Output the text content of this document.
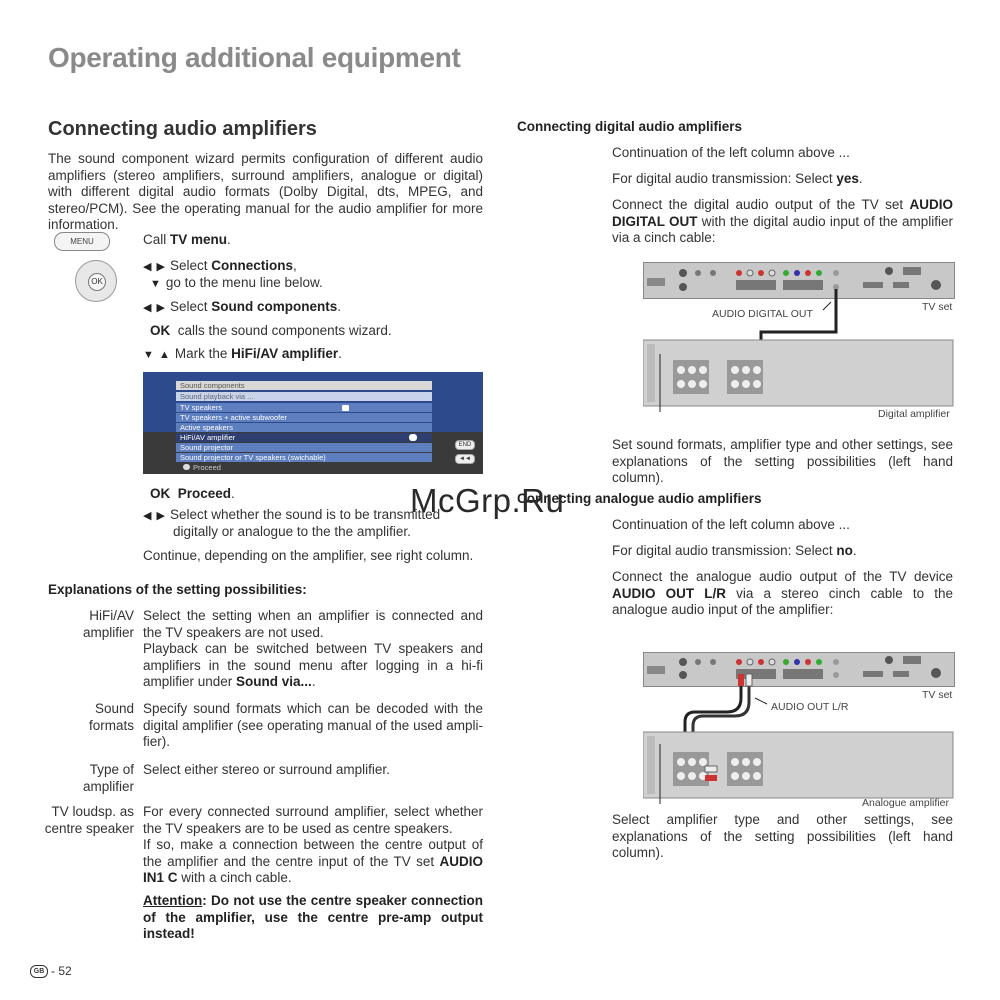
Operating additional equipment
Connecting audio amplifiers
The sound component wizard permits configuration of different audio amplifiers (stereo amplifiers, surround amplifiers, analogue or digital) with different digital audio formats (Dolby Digital, dts, MPEG, and stereo/PCM). See the operating manual for the audio amplifier for more information.
MENU
OK
Call TV menu.
◀ ▶ Select Connections,
▼ go to the menu line below.
◀ ▶ Select Sound components.
OK calls the sound components wizard.
▼ ▲ Mark the HiFi/AV amplifier.
Sound components
Sound playback via ...
TV speakers
TV speakers + active subwoofer
Active speakers
HiFi/AV amplifier
Sound projector
Sound projector or TV speakers (swichable)
Proceed
END
◄◄
OK Proceed.
◀ ▶ Select whether the sound is to be transmitted
digitally or analogue to the the amplifier.
Continue, depending on the amplifier, see right column.
Explanations of the setting possibilities:
HiFi/AV
amplifier
Select the setting when an amplifier is connected and the TV speakers are not used.
Playback can be switched between TV speakers and amplifiers in the sound menu after logging in a hi-fi amplifier under Sound via....
Sound formats
Specify sound formats which can be decoded with the digital amplifier (see operating manual of the used ampli-fier).
Type of
amplifier
Select either stereo or surround amplifier.
TV loudsp. as
centre speaker
For every connected surround amplifier, select whether the TV speakers are to be used as centre speakers.
If so, make a connection between the centre output of the amplifier and the centre input of the TV set AUDIO IN1 C with a cinch cable.
Attention: Do not use the centre speaker connection of the amplifier, use the centre pre-amp output instead!
Connecting digital audio amplifiers
Continuation of the left column above ...
For digital audio transmission: Select yes.
Connect the digital audio output of the TV set AUDIO DIGITAL OUT with the digital audio input of the amplifier via a cinch cable:
AUDIO DIGITAL OUT
TV set
Digital amplifier
Set sound formats, amplifier type and other settings, see explanations of the setting possibilities (left hand column).
Connecting analogue audio amplifiers
Continuation of the left column above ...
For digital audio transmission: Select no.
Connect the analogue audio output of the TV device AUDIO OUT L/R via a stereo cinch cable to the analogue audio input of the amplifier:
AUDIO OUT L/R
TV set
Analogue amplifier
Select amplifier type and other settings, see explanations of the setting possibilities (left hand column).
McGrp.Ru
GB - 52
